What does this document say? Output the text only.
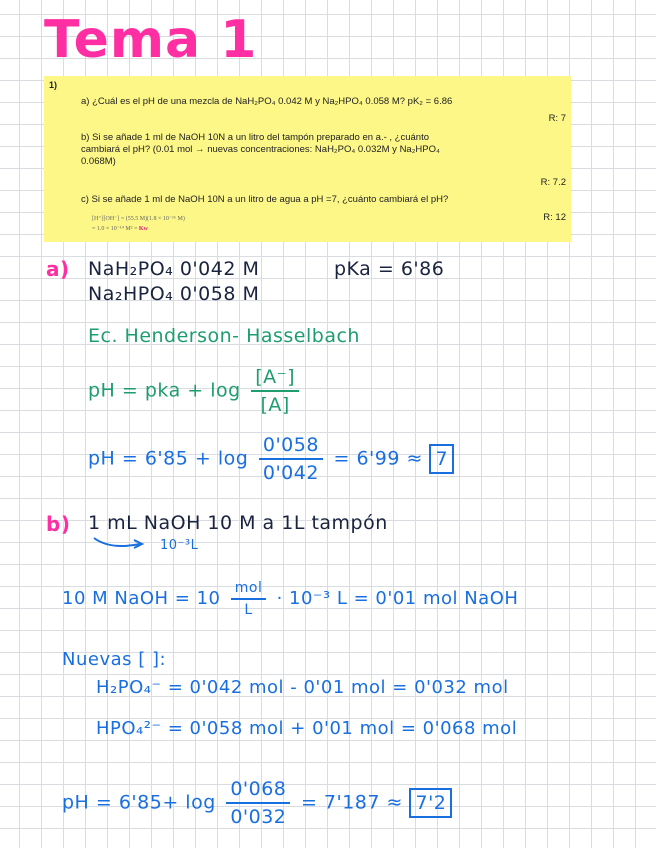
Tema 1
1)
a) ¿Cuál es el pH de una mezcla de NaH₂PO₄ 0.042 M y Na₂HPO₄ 0.058 M? pK₂ = 6.86
R: 7
b) Si se añade 1 ml de NaOH 10N a un litro del tampón preparado en a.- , ¿cuánto
cambiará el pH? (0.01 mol → nuevas concentraciones: NaH₂PO₄ 0.032M y Na₂HPO₄
0.068M)
R: 7.2
c) Si se añade 1 ml de NaOH 10N a un litro de agua a pH =7, ¿cuánto cambiará el pH?
R: 12
[H⁺][OH⁻] = (55.5 M)(1.8 × 10⁻¹⁶ M)
= 1.0 × 10⁻¹⁴ M² = Kw
a) NaH₂PO₄ 0'042 M	pKa = 6'86
Na₂HPO₄ 0'058 M
Ec. Henderson- Hasselbach
pH = pka + $\log \frac{[A^-]}{[A]}$
pH = $6'85 + \log \frac{0'058}{0'042} = 6'99 \approx 7$
b) 1 mL NaOH 10 M a 1L tampón
10⁻³L
10 M NaOH = $10 \frac{\text{mol}}{L} \cdot 10^{-3}$ L = 0'01 mol NaOH
Nuevas [ ]:
H₂PO₄⁻ = 0'042 mol - 0'01 mol = 0'032 mol
HPO₄²⁻ = 0'058 mol + 0'01 mol = 0'068 mol
pH = $6'85+ \log \frac{0'068}{0'032} = 7'187 \approx 7'2$
